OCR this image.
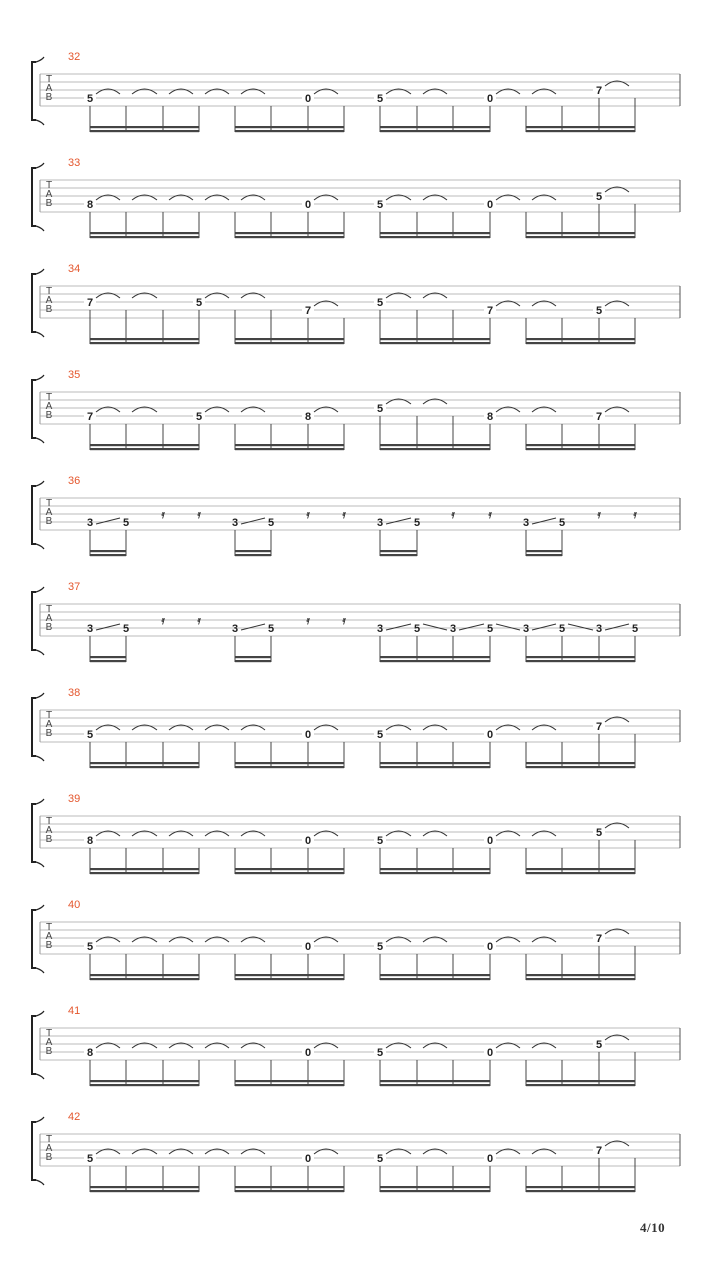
T
A
B
32
5	0	5	0
7
T
A
B
33
8	0	5	0
5
T
A
B
34
7	5
7
5
7	5
T
A
B
35
7	5	8
5
8	7
T
A
B
36
3	5
𝄿	𝄿
3	5
𝄿	𝄿
3	5
𝄿	𝄿
3	5
𝄿	𝄿
T
A
B
37
3	5
𝄿	𝄿
3	5
𝄿	𝄿
3	5	3	5	3	5	3	5
T
A
B
38
5	0	5	0
7
T
A
B
39
8	0	5	0
5
T
A
B
40
5	0	5	0
7
T
A
B
41
8	0	5	0
5
T
A
B
42
5	0	5	0
7
4/10
